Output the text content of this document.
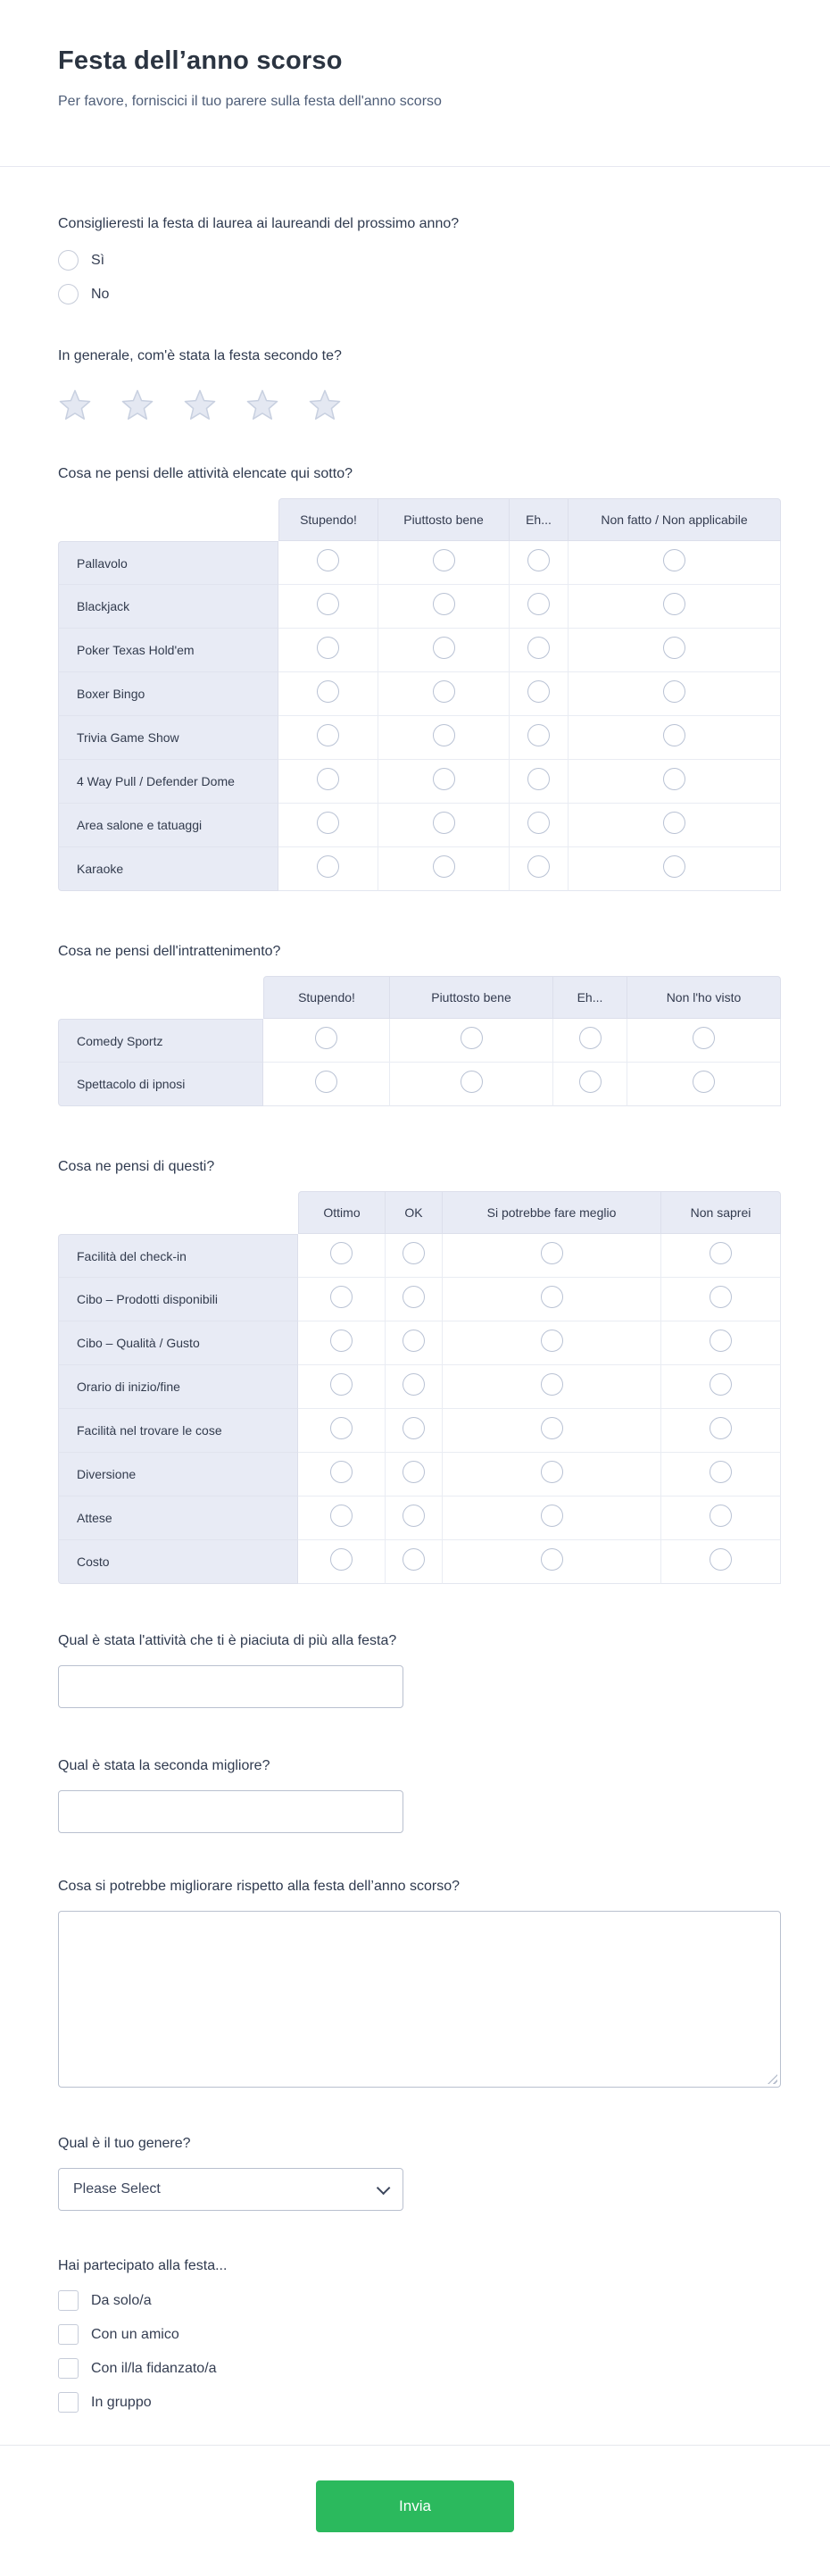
Festa dell’anno scorso

Per favore, forniscici il tuo parere sulla festa dell'anno scorso

Consiglieresti la festa di laurea ai laureandi del prossimo anno?
Sì
No
In generale, com'è stata la festa secondo te?
Cosa ne pensi delle attività elencate qui sotto?
	Stupendo!	Piuttosto bene	Eh...	Non fatto / Non applicabile
Pallavolo				
Blackjack				
Poker Texas Hold'em				
Boxer Bingo				
Trivia Game Show				
4 Way Pull / Defender Dome				
Area salone e tatuaggi				
Karaoke				
Cosa ne pensi dell'intrattenimento?
	Stupendo!	Piuttosto bene	Eh...	Non l'ho visto
Comedy Sportz				
Spettacolo di ipnosi				
Cosa ne pensi di questi?
	Ottimo	OK	Si potrebbe fare meglio	Non saprei
Facilità del check-in				
Cibo – Prodotti disponibili				
Cibo – Qualità / Gusto				
Orario di inizio/fine				
Facilità nel trovare le cose				
Diversione				
Attese				
Costo				
Qual è stata l'attività che ti è piaciuta di più alla festa?
Qual è stata la seconda migliore?
Cosa si potrebbe migliorare rispetto alla festa dell’anno scorso?
Qual è il tuo genere?
Please Select
Hai partecipato alla festa...
Da solo/a
Con un amico
Con il/la fidanzato/a
In gruppo
Invia
